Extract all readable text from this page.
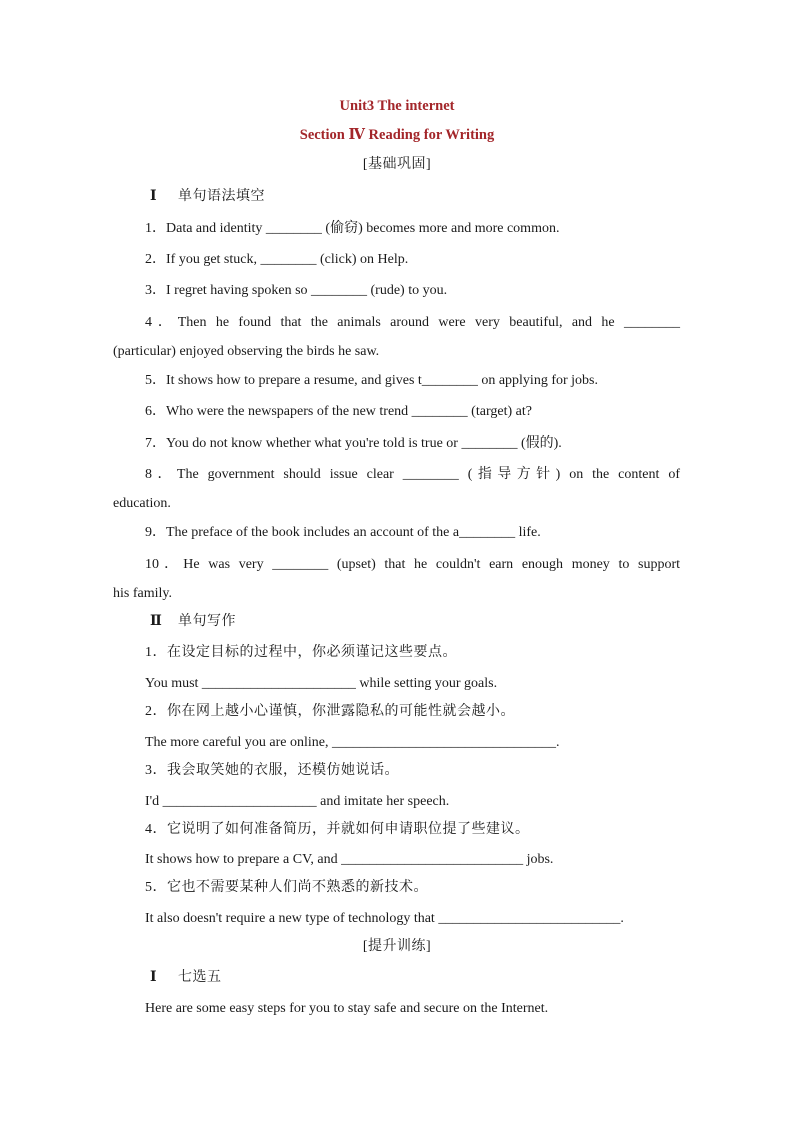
Unit3 The internet
Section Ⅳ Reading for Writing
[基础巩固]
Ⅰ 单句语法填空
1．Data and identity ________ (偷窃) becomes more and more common.
2．If you get stuck, ________ (click) on Help.
3．I regret having spoken so ________ (rude) to you.
4．Then he found that the animals around were very beautiful, and he ________
(particular) enjoyed observing the birds he saw.
5．It shows how to prepare a resume, and gives t________ on applying for jobs.
6．Who were the newspapers of the new trend ________ (target) at?
7．You do not know whether what you're told is true or ________ (假的).
8．The government should issue clear ________ (指导方针) on the content of
education.
9．The preface of the book includes an account of the a________ life.
10．He was very ________ (upset) that he couldn't earn enough money to support
his family.
Ⅱ 单句写作
1．在设定目标的过程中，你必须谨记这些要点。
You must ______________________ while setting your goals.
2．你在网上越小心谨慎，你泄露隐私的可能性就会越小。
The more careful you are online, ________________________________.
3．我会取笑她的衣服，还模仿她说话。
I'd ______________________ and imitate her speech.
4．它说明了如何准备简历，并就如何申请职位提了些建议。
It shows how to prepare a CV, and __________________________ jobs.
5．它也不需要某种人们尚不熟悉的新技术。
It also doesn't require a new type of technology that __________________________.
[提升训练]
Ⅰ 七选五
Here are some easy steps for you to stay safe and secure on the Internet.
